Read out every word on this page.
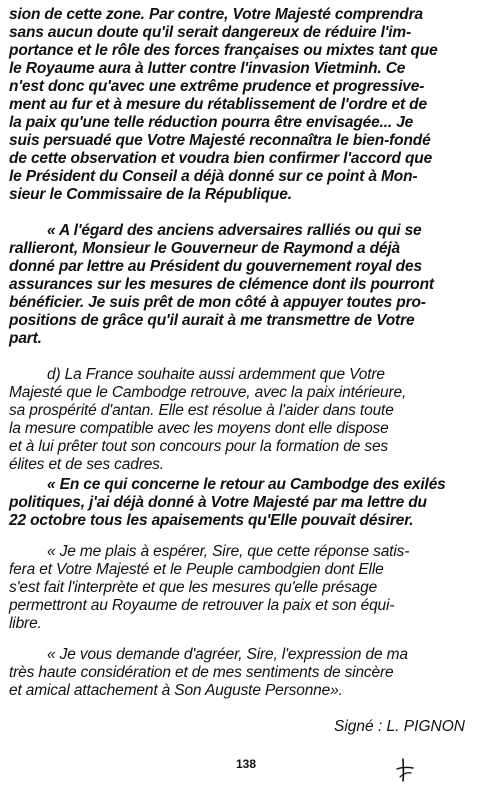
sion de cette zone. Par contre, Votre Majesté comprendra
sans aucun doute qu'il serait dangereux de réduire l'im-
portance et le rôle des forces françaises ou mixtes tant que
le Royaume aura à lutter contre l'invasion Vietminh. Ce
n'est donc qu'avec une extrême prudence et progressive-
ment au fur et à mesure du rétablissement de l'ordre et de
la paix qu'une telle réduction pourra être envisagée... Je
suis persuadé que Votre Majesté reconnaîtra le bien-fondé
de cette observation et voudra bien confirmer l'accord que
le Président du Conseil a déjà donné sur ce point à Mon-
sieur le Commissaire de la République.
« A l'égard des anciens adversaires ralliés ou qui se
rallieront, Monsieur le Gouverneur de Raymond a déjà
donné par lettre au Président du gouvernement royal des
assurances sur les mesures de clémence dont ils pourront
bénéficier. Je suis prêt de mon côté à appuyer toutes pro-
positions de grâce qu'il aurait à me transmettre de Votre
part.
d) La France souhaite aussi ardemment que Votre
Majesté que le Cambodge retrouve, avec la paix intérieure,
sa prospérité d'antan. Elle est résolue à l'aider dans toute
la mesure compatible avec les moyens dont elle dispose
et à lui prêter tout son concours pour la formation de ses
élites et de ses cadres.
« En ce qui concerne le retour au Cambodge des exilés
politiques, j'ai déjà donné à Votre Majesté par ma lettre du
22 octobre tous les apaisements qu'Elle pouvait désirer.
« Je me plais à espérer, Sire, que cette réponse satis-
fera et Votre Majesté et le Peuple cambodgien dont Elle
s'est fait l'interprète et que les mesures qu'elle présage
permettront au Royaume de retrouver la paix et son équi-
libre.
« Je vous demande d'agréer, Sire, l'expression de ma
très haute considération et de mes sentiments de sincère
et amical attachement à Son Auguste Personne».
Signé : L. PIGNON
138
